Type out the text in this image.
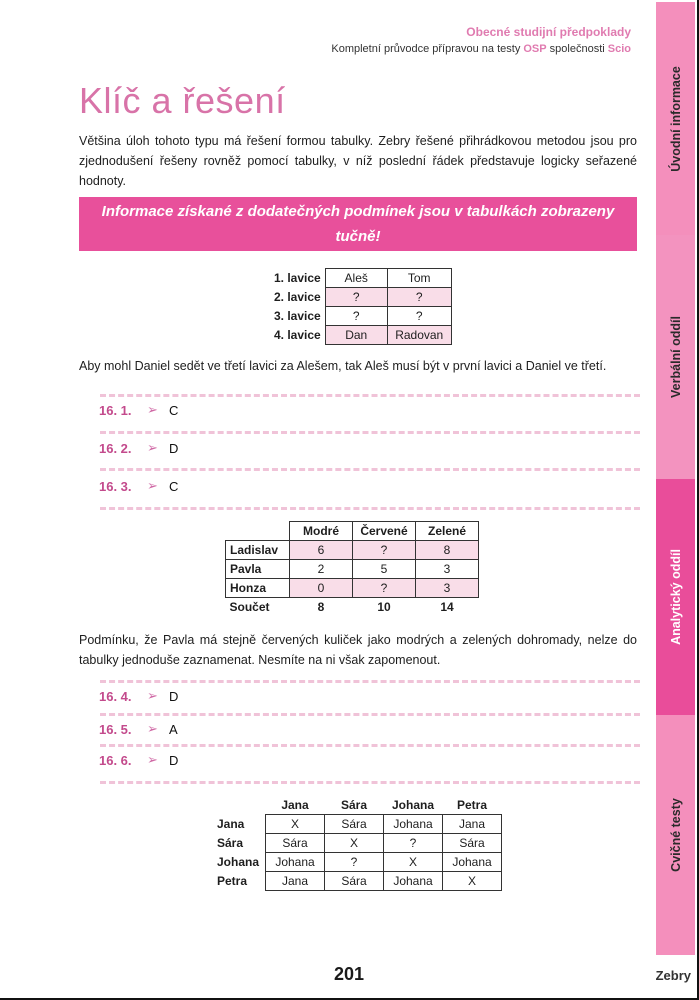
Obecné studijní předpoklady
Kompletní průvodce přípravou na testy OSP společnosti Scio
Klíč a řešení
Většina úloh tohoto typu má řešení formou tabulky. Zebry řešené přihrádkovou metodou jsou pro zjednodušení řešeny rovněž pomocí tabulky, v níž poslední řádek představuje logicky seřazené hodnoty.
Informace získané z dodatečných podmínek jsou v tabulkách zobrazeny tučně!
1. lavice	Aleš	Tom
2. lavice	?	?
3. lavice	?	?
4. lavice	Dan	Radovan
Aby mohl Daniel sedět ve třetí lavici za Alešem, tak Aleš musí být v první lavici a Daniel ve třetí.
16. 1.	➢ C
16. 2.	➢ D
16. 3.	➢ C
	Modré	Červené	Zelené
Ladislav	6	?	8
Pavla	2	5	3
Honza	0	?	3
Součet	8	10	14
Podmínku, že Pavla má stejně červených kuliček jako modrých a zelených dohromady, nelze do tabulky jednoduše zaznamenat. Nesmíte na ni však zapomenout.
16. 4.	➢ D
16. 5.	➢ A
16. 6.	➢ D
	Jana	Sára	Johana	Petra
Jana	X	Sára	Johana	Jana
Sára	Sára	X	?	Sára
Johana	Johana	?	X	Johana
Petra	Jana	Sára	Johana	X
Úvodní informace
Verbální oddíl
Analytický oddíl
Cvičné testy
201	Zebry
